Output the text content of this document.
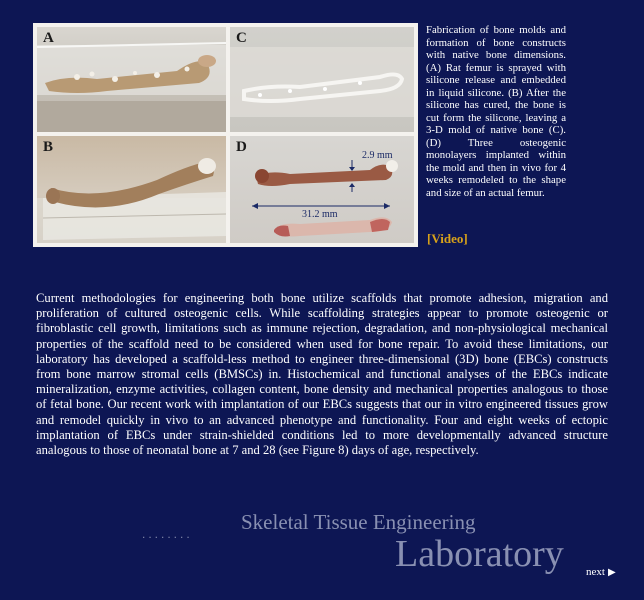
A
B
C
D
2.9 mm
31.2 mm
Fabrication of bone molds and formation of bone constructs with native bone dimensions. (A) Rat femur is sprayed with silicone release and embedded in liquid silicone. (B) After the silicone has cured, the bone is cut form the silicone, leaving a 3-D mold of native bone (C). (D) Three osteogenic monolayers implanted within the mold and then in vivo for 4 weeks remodeled to the shape and size of an actual femur.
[Video]
Current methodologies for engineering both bone utilize scaffolds that promote adhesion, migration and proliferation of cultured osteogenic cells. While scaffolding strategies appear to promote osteogenic or fibroblastic cell growth, limitations such as immune rejection, degradation, and non-physiological mechanical properties of the scaffold need to be considered when used for bone repair. To avoid these limitations, our laboratory has developed a scaffold-less method to engineer three-dimensional (3D) bone (EBCs) constructs from bone marrow stromal cells (BMSCs) in. Histochemical and functional analyses of the EBCs indicate mineralization, enzyme activities, collagen content, bone density and mechanical properties analogous to those of fetal bone. Our recent work with implantation of our EBCs suggests that our in vitro engineered tissues grow and remodel quickly in vivo to an advanced phenotype and functionality. Four and eight weeks of ectopic implantation of EBCs under strain-shielded conditions led to more developmentally advanced structure analogous to those of neonatal bone at 7 and 28 (see Figure 8) days of age, respectively.
........ Skeletal Tissue Engineering
Laboratory next ▶
